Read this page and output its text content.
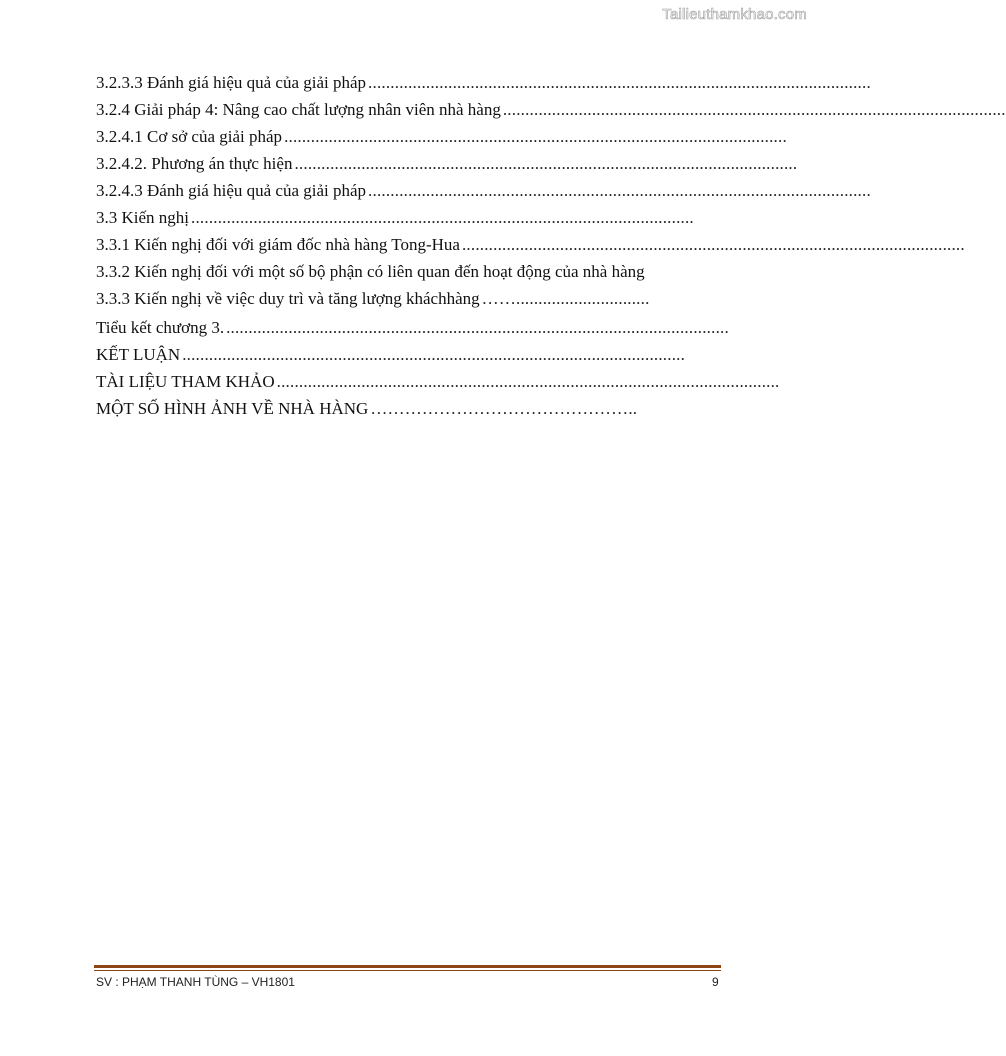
Tailieuthamkhao.com
3.2.3.3 Đánh giá hiệu quả của giải pháp .................................................................................................................
3.2.4 Giải pháp 4: Nâng cao chất lượng nhân viên nhà hàng .................................................................................................................
3.2.4.1 Cơ sở của giải pháp .................................................................................................................
3.2.4.2. Phương án thực hiện .................................................................................................................
3.2.4.3 Đánh giá hiệu quả của giải pháp .................................................................................................................
3.3 Kiến nghị .................................................................................................................
3.3.1 Kiến nghị đối với giám đốc nhà hàng Tong-Hua .................................................................................................................
3.3.2 Kiến nghị đối với một số bộ phận có liên quan đến hoạt động của nhà hàng
3.3.3 Kiến nghị về việc duy trì và tăng lượng kháchhàng ……..............................
Tiểu kết chương 3. .................................................................................................................
KẾT LUẬN .................................................................................................................
TÀI LIỆU THAM KHẢO .................................................................................................................
MỘT SỐ HÌNH ẢNH VỀ NHÀ HÀNG ………………………………………..
SV : PHẠM THANH TÙNG – VH1801	9
